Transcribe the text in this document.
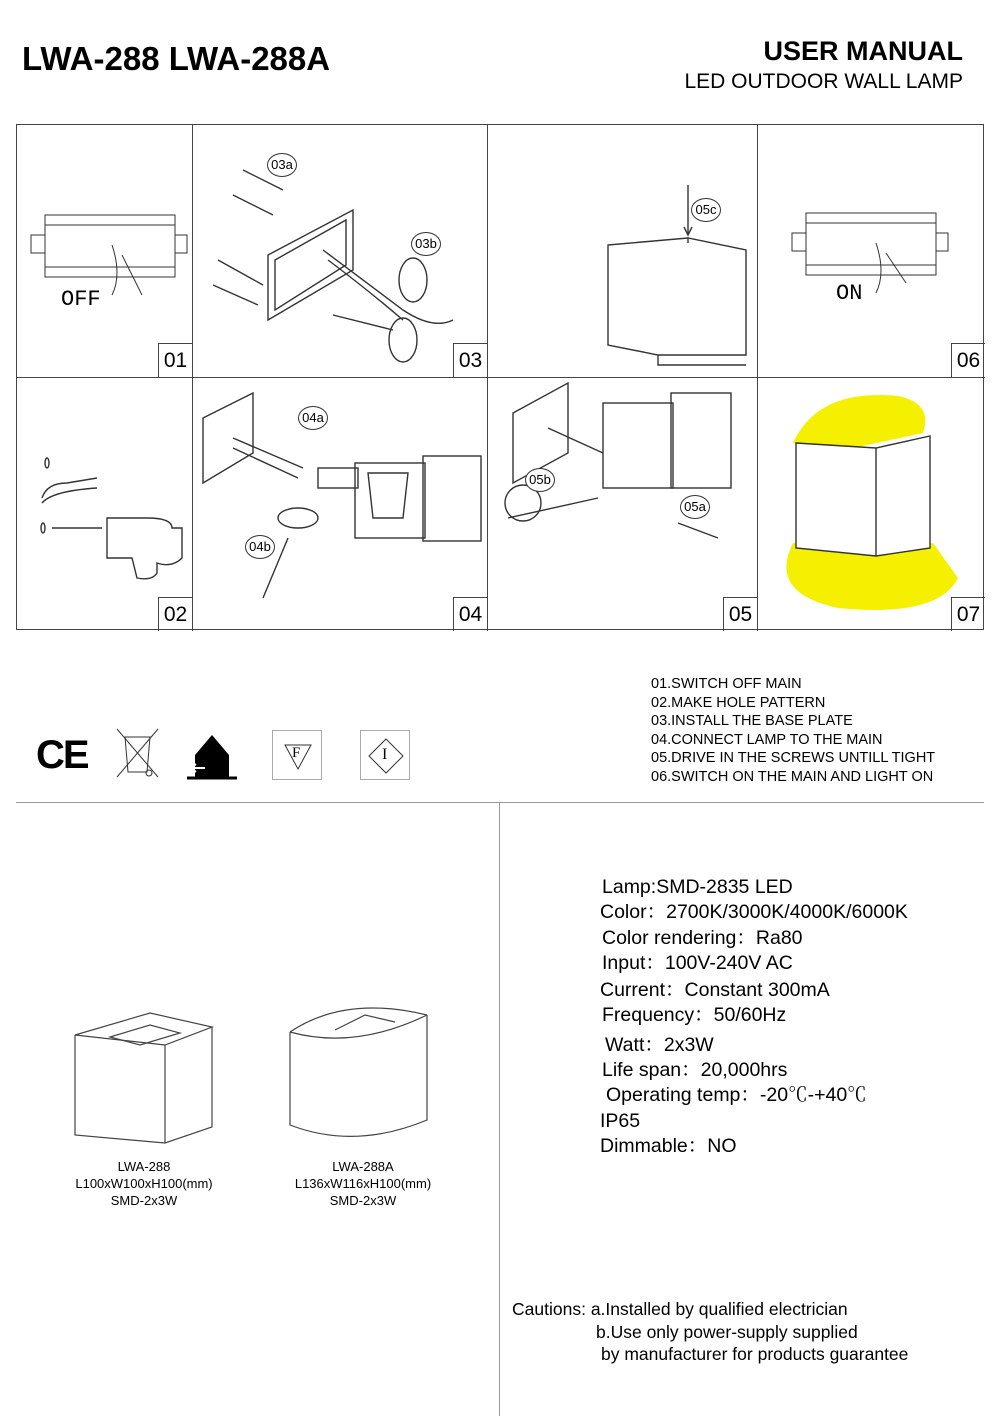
LWA-288 LWA-288A	USER MANUAL
LED OUTDOOR WALL LAMP
OFF
01
03a
03b
03
05c
ON
06
02
04a
04b
04
05b
05a
05	07
CE	F	I
01.SWITCH OFF MAIN
02.MAKE HOLE PATTERN
03.INSTALL THE BASE PLATE
04.CONNECT LAMP TO THE MAIN
05.DRIVE IN THE SCREWS UNTILL TIGHT
06.SWITCH ON THE MAIN AND LIGHT ON
LWA-288
L100xW100xH100(mm)
SMD-2x3W
LWA-288A
L136xW116xH100(mm)
SMD-2x3W
Lamp:SMD-2835 LED
Color：2700K/3000K/4000K/6000K
Color rendering：Ra80
Input：100V-240V AC
Current：Constant 300mA
Frequency：50/60Hz
Watt：2x3W
Life span：20,000hrs
Operating temp：-20℃-+40℃
IP65
Dimmable：NO
Cautions: a.Installed by qualified electrician
b.Use only power-supply supplied
by manufacturer for products guarantee
